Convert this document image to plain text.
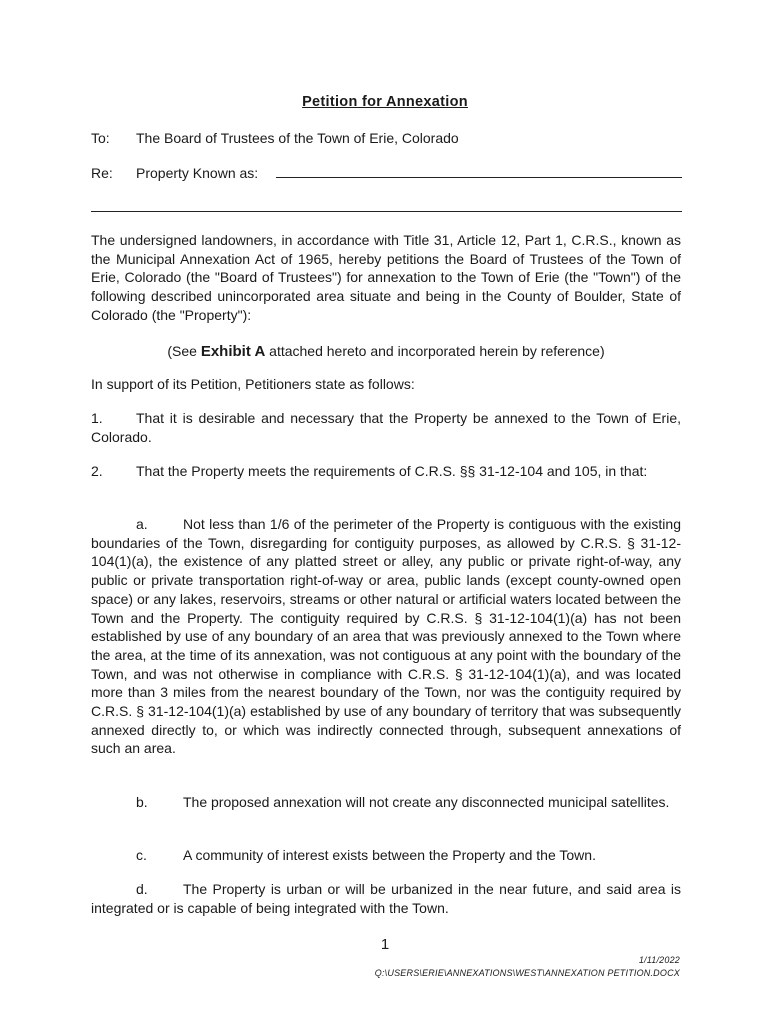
Petition for Annexation
To: The Board of Trustees of the Town of Erie, Colorado
Re: Property Known as:

The undersigned landowners, in accordance with Title 31, Article 12, Part 1, C.R.S., known as the Municipal Annexation Act of 1965, hereby petitions the Board of Trustees of the Town of Erie, Colorado (the "Board of Trustees") for annexation to the Town of Erie (the "Town") of the following described unincorporated area situate and being in the County of Boulder, State of Colorado (the "Property"):

(See Exhibit A attached hereto and incorporated herein by reference)

In support of its Petition, Petitioners state as follows:

1. That it is desirable and necessary that the Property be annexed to the Town of Erie, Colorado.

2. That the Property meets the requirements of C.R.S. §§ 31-12-104 and 105, in that:

a.	Not less than 1/6 of the perimeter of the Property is contiguous with the existing boundaries of the Town, disregarding for contiguity purposes, as allowed by C.R.S. § 31-12-104(1)(a), the existence of any platted street or alley, any public or private right-of-way, any public or private transportation right-of-way or area, public lands (except county-owned open space) or any lakes, reservoirs, streams or other natural or artificial waters located between the Town and the Property. The contiguity required by C.R.S. § 31-12-104(1)(a) has not been established by use of any boundary of an area that was previously annexed to the Town where the area, at the time of its annexation, was not contiguous at any point with the boundary of the Town, and was not otherwise in compliance with C.R.S. § 31-12-104(1)(a), and was located more than 3 miles from the nearest boundary of the Town, nor was the contiguity required by C.R.S. § 31-12-104(1)(a) established by use of any boundary of territory that was subsequently annexed directly to, or which was indirectly connected through, subsequent annexations of such an area.

b.	The proposed annexation will not create any disconnected municipal satellites.

c.	A community of interest exists between the Property and the Town.

d.	The Property is urban or will be urbanized in the near future, and said area is integrated or is capable of being integrated with the Town.

1
1/11/2022
Q:\USERS\ERIE\ANNEXATIONS\WEST\ANNEXATION PETITION.DOCX
